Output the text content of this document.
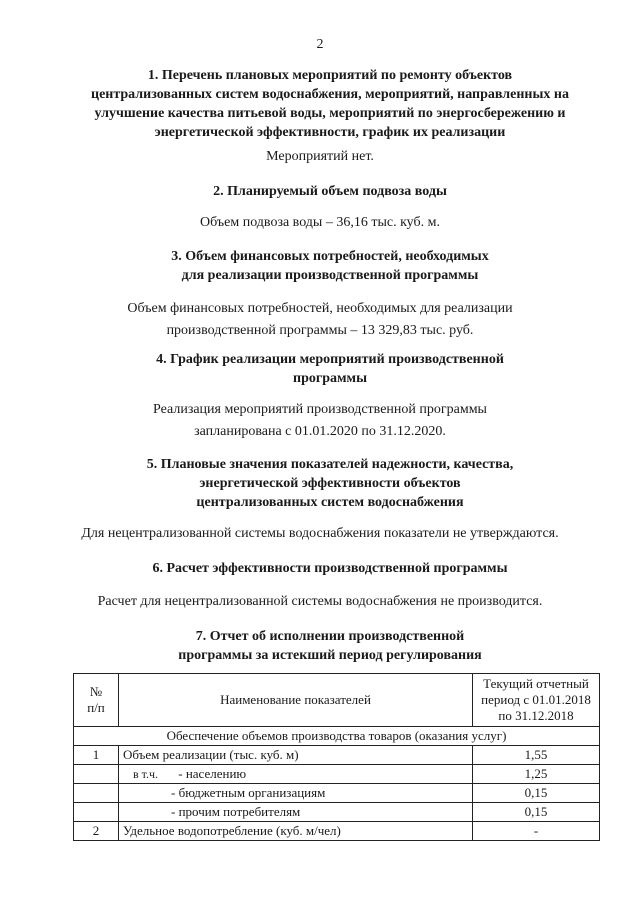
2
1. Перечень плановых мероприятий по ремонту объектов
централизованных систем водоснабжения, мероприятий, направленных на
улучшение качества питьевой воды, мероприятий по энергосбережению и
энергетической эффективности, график их реализации
Мероприятий нет.
2. Планируемый объем подвоза воды
Объем подвоза воды – 36,16 тыс. куб. м.
3. Объем финансовых потребностей, необходимых
для реализации производственной программы
Объем финансовых потребностей, необходимых для реализации
производственной программы – 13 329,83 тыс. руб.
4. График реализации мероприятий производственной
программы
Реализация мероприятий производственной программы
запланирована с 01.01.2020 по 31.12.2020.
5. Плановые значения показателей надежности, качества,
энергетической эффективности объектов
централизованных систем водоснабжения
Для нецентрализованной системы водоснабжения показатели не утверждаются.
6. Расчет эффективности производственной программы
Расчет для нецентрализованной системы водоснабжения не производится.
7. Отчет об исполнении производственной
программы за истекший период регулирования
№
п/п	Наименование показателей	Текущий отчетный
период с 01.01.2018
по 31.12.2018
Обеспечение объемов производства товаров (оказания услуг)		
1	Объем реализации (тыс. куб. м)	1,55
	в т.ч. - населению	1,25
	- бюджетным организациям	0,15
	- прочим потребителям	0,15
2	Удельное водопотребление (куб. м/чел)	-
